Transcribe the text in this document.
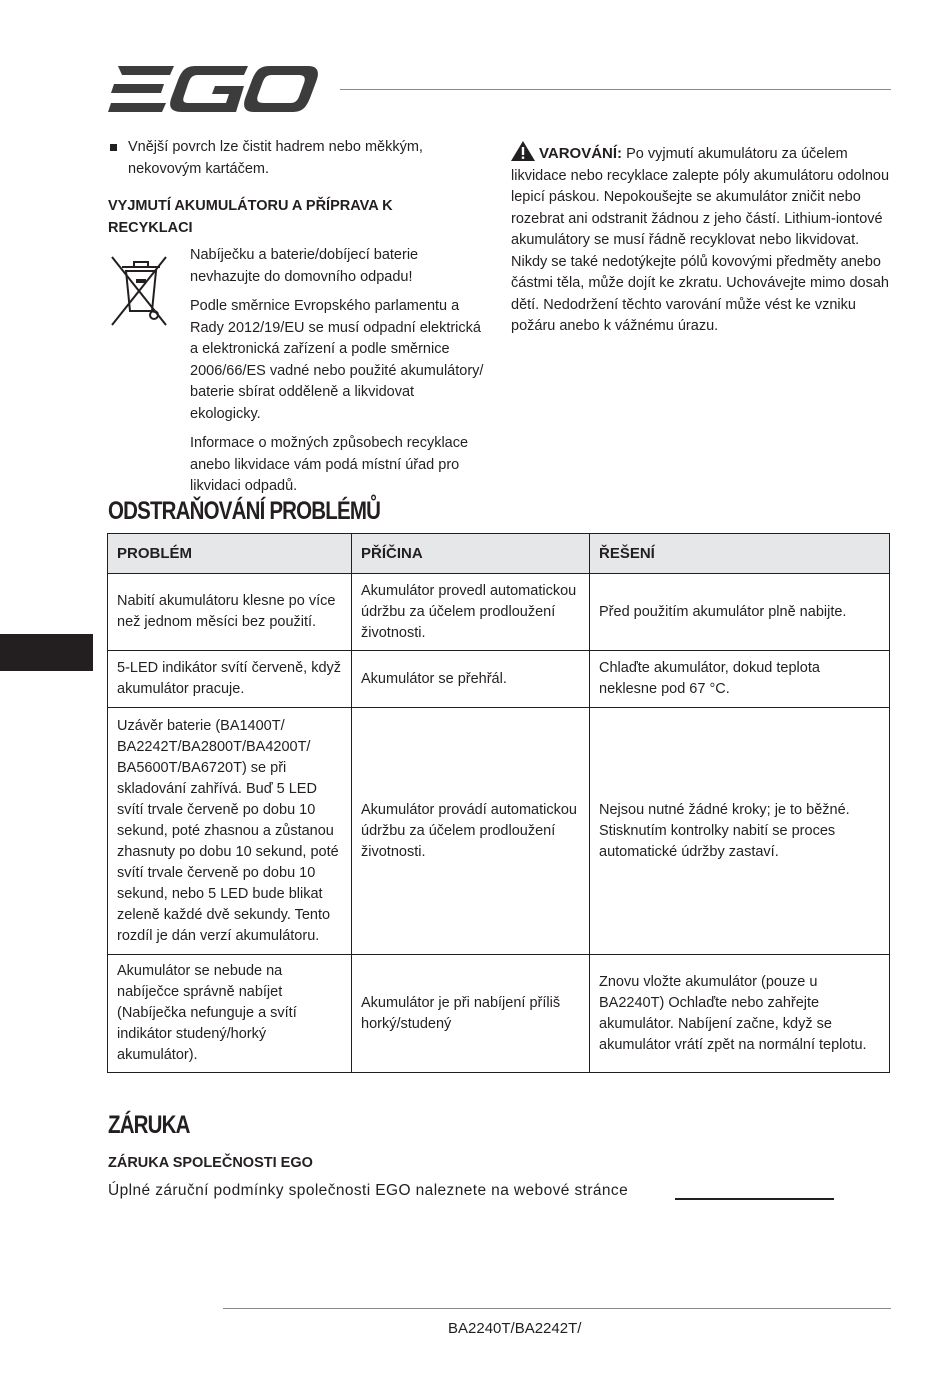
Vnější povrch lze čistit hadrem nebo měkkým, nekovovým kartáčem.
VYJMUTÍ AKUMULÁTORU A PŘÍPRAVA K RECYKLACI

Nabíječku a baterie/dobíjecí baterie nevhazujte do domovního odpadu!

Podle směrnice Evropského parlamentu a Rady 2012/19/EU se musí odpadní elektrická a elektronická zařízení a podle směrnice 2006/66/ES vadné nebo použité akumulátory/ baterie sbírat odděleně a likvidovat ekologicky.

Informace o možných způsobech recyklace anebo likvidace vám podá místní úřad pro likvidaci odpadů.

VAROVÁNÍ: Po vyjmutí akumulátoru za účelem likvidace nebo recyklace zalepte póly akumulátoru odolnou lepicí páskou. Nepokoušejte se akumulátor zničit nebo rozebrat ani odstranit žádnou z jeho částí. Lithium-iontové akumulátory se musí řádně recyklovat nebo likvidovat. Nikdy se také nedotýkejte pólů kovovými předměty anebo částmi těla, může dojít ke zkratu. Uchovávejte mimo dosah dětí. Nedodržení těchto varování může vést ke vzniku požáru anebo k vážnému úrazu.
ODSTRAŇOVÁNÍ PROBLÉMŮ
PROBLÉM	PŘÍČINA	ŘEŠENÍ
Nabití akumulátoru klesne po více než jednom měsíci bez použití.	Akumulátor provedl automatickou údržbu za účelem prodloužení životnosti.	Před použitím akumulátor plně nabijte.
5-LED indikátor svítí červeně, když akumulátor pracuje.	Akumulátor se přehřál.	Chlaďte akumulátor, dokud teplota neklesne pod 67 °C.
Uzávěr baterie (BA1400T/ BA2242T/BA2800T/BA4200T/ BA5600T/BA6720T) se při skladování zahřívá. Buď 5 LED svítí trvale červeně po dobu 10 sekund, poté zhasnou a zůstanou zhasnuty po dobu 10 sekund, poté svítí trvale červeně po dobu 10 sekund, nebo 5 LED bude blikat zeleně každé dvě sekundy. Tento rozdíl je dán verzí akumulátoru.	Akumulátor provádí automatickou údržbu za účelem prodloužení životnosti.	Nejsou nutné žádné kroky; je to běžné. Stisknutím kontrolky nabití se proces automatické údržby zastaví.
Akumulátor se nebude na nabíječce správně nabíjet (Nabíječka nefunguje a svítí indikátor studený/horký akumulátor).	Akumulátor je při nabíjení příliš horký/studený	Znovu vložte akumulátor (pouze u BA2240T) Ochlaďte nebo zahřejte akumulátor. Nabíjení začne, když se akumulátor vrátí zpět na normální teplotu.
ZÁRUKA
ZÁRUKA SPOLEČNOSTI EGO
Úplné záruční podmínky společnosti EGO naleznete na webové stránce
BA2240T/BA2242T/
